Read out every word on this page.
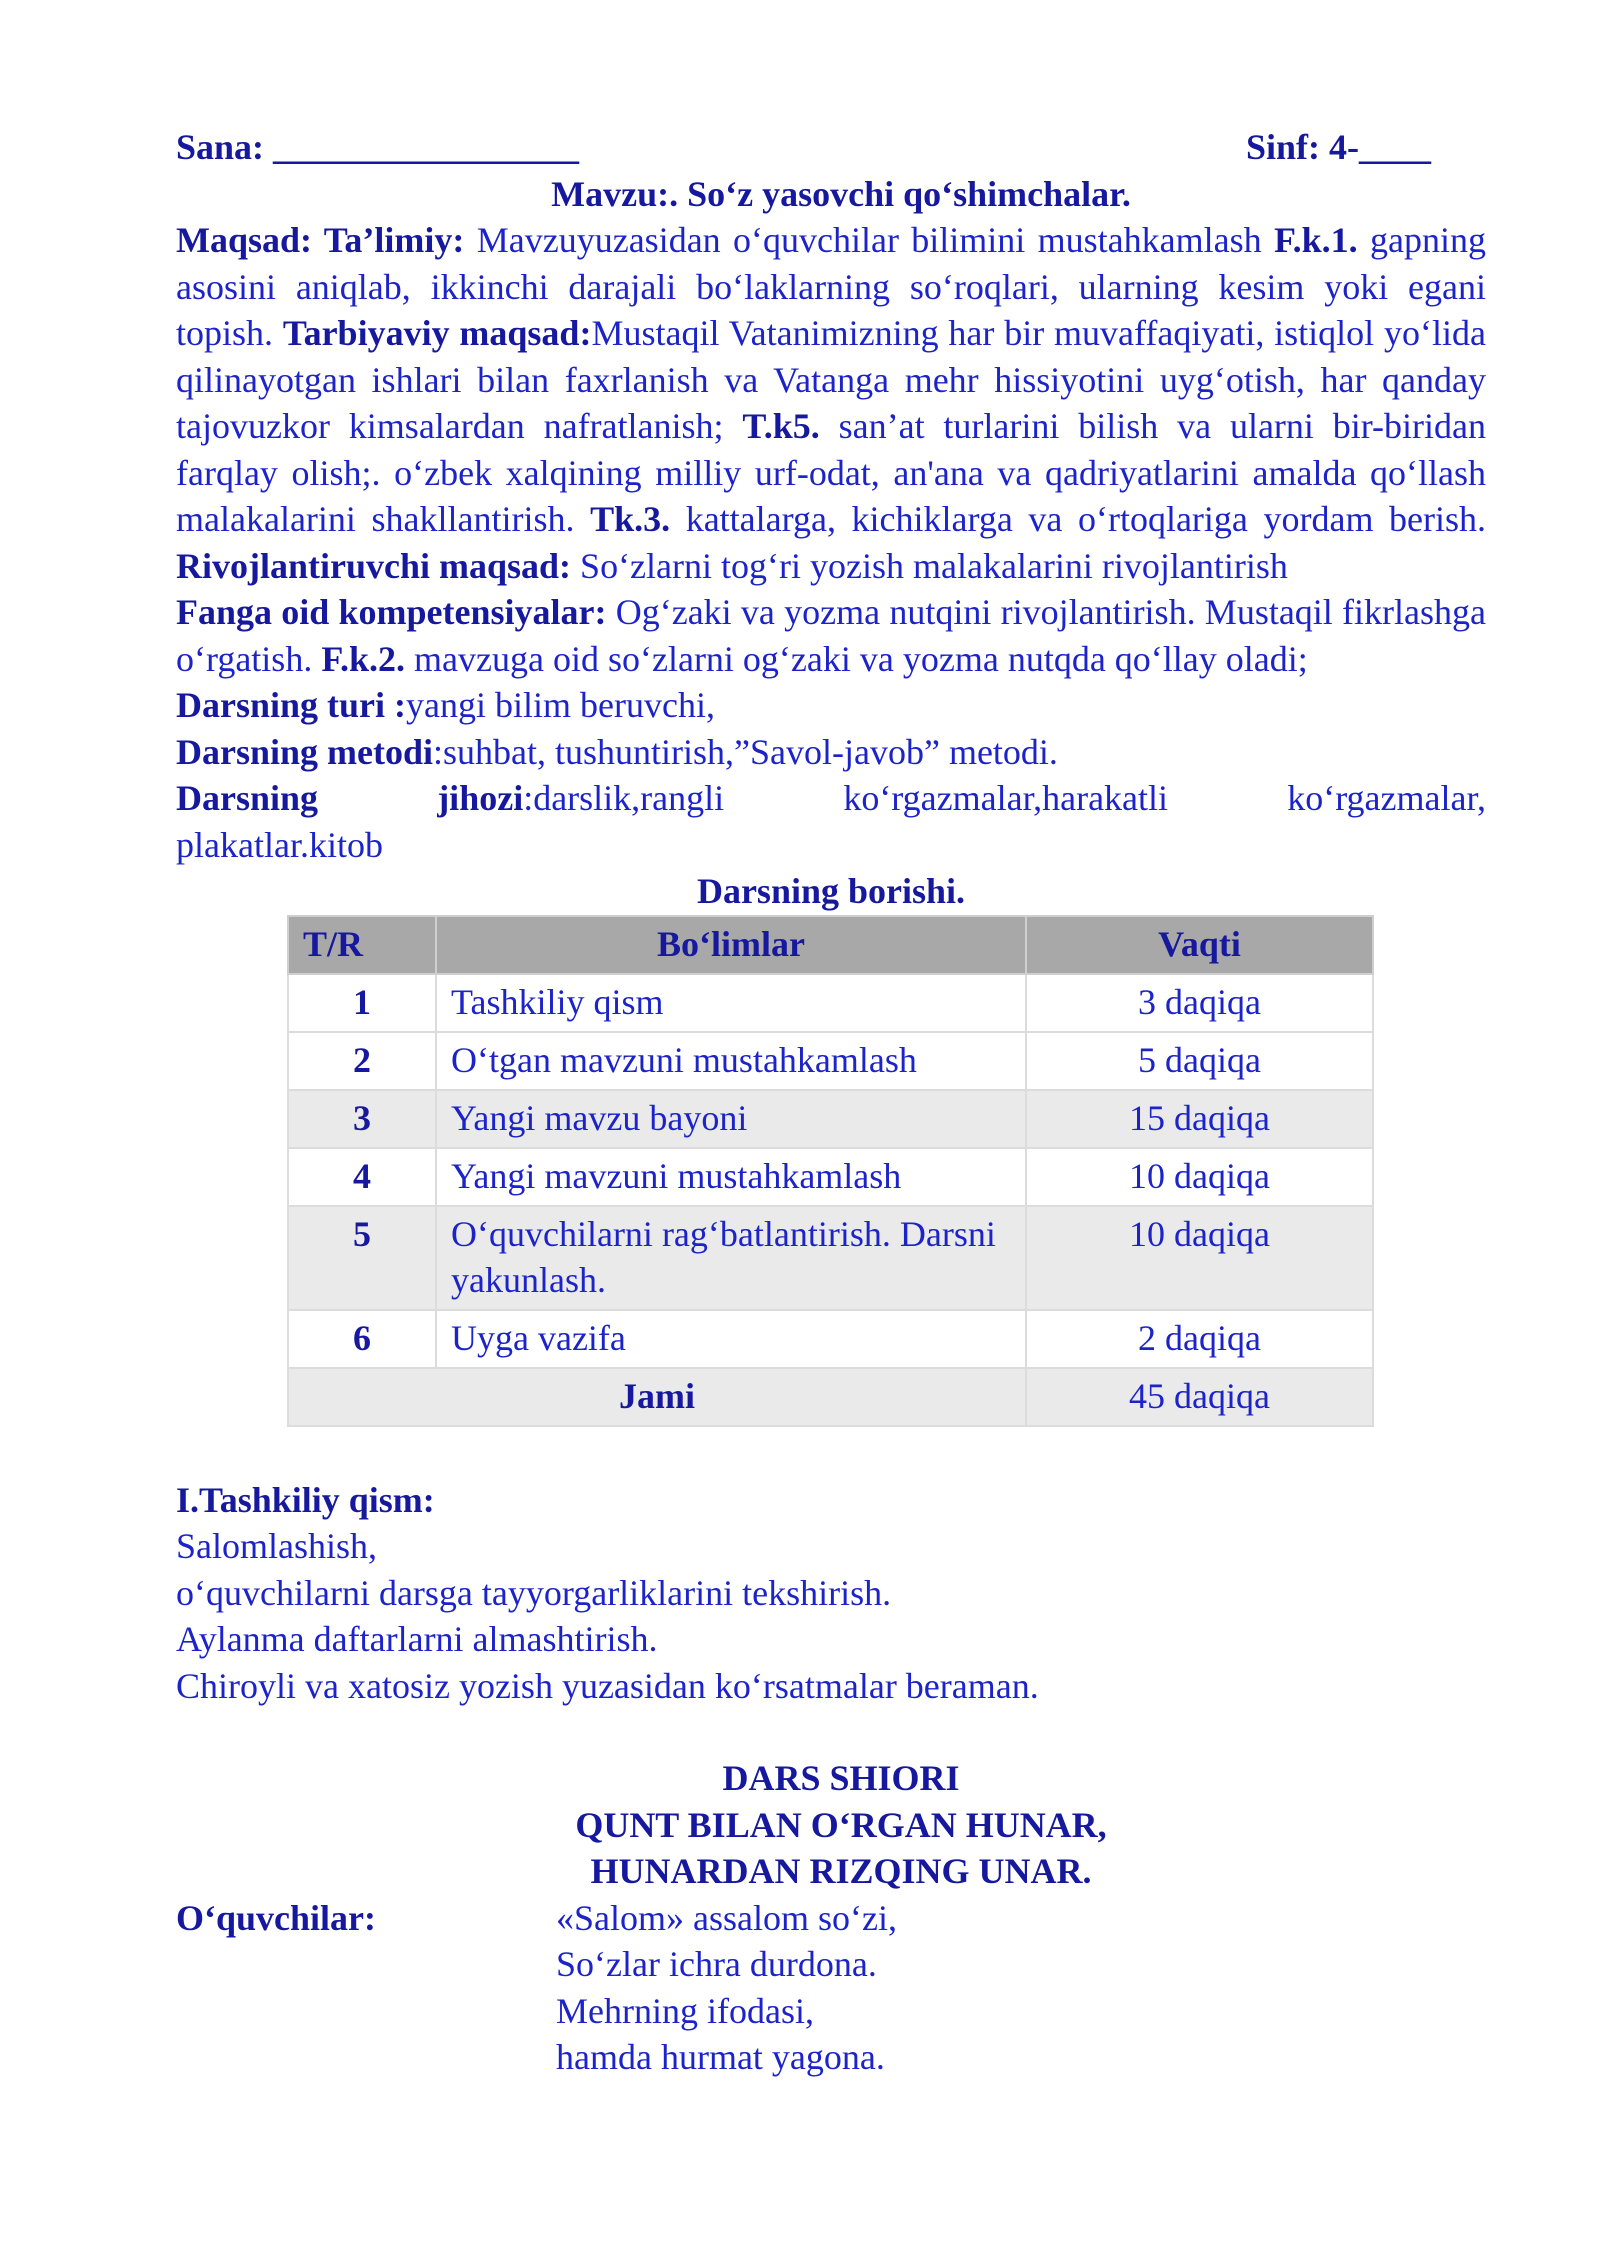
Sana: _________________	Sinf: 4-____
Mavzu:. So‘z yasovchi qo‘shimchalar.
Maqsad: Ta’limiy: Mavzuyuzasidan o‘quvchilar bilimini mustahkamlash F.k.1. gapning asosini aniqlab, ikkinchi darajali bo‘laklarning so‘roqlari, ularning kesim yoki egani topish. Tarbiyaviy maqsad:Mustaqil Vatanimizning har bir muvaffaqiyati, istiqlol yo‘lida qilinayotgan ishlari bilan faxrlanish va Vatanga mehr hissiyotini uyg‘otish, har qanday tajovuzkor kimsalardan nafratlanish; T.k5. san’at turlarini bilish va ularni bir-biridan farqlay olish;. o‘zbek xalqining milliy urf-odat, an'ana va qadriyatlarini amalda qo‘llash malakalarini shakllantirish. Tk.3. kattalarga, kichiklarga va o‘rtoqlariga yordam berish. Rivojlantiruvchi maqsad: So‘zlarni tog‘ri yozish malakalarini rivojlantirish
Fanga oid kompetensiyalar: Og‘zaki va yozma nutqini rivojlantirish. Mustaqil fikrlashga o‘rgatish. F.k.2. mavzuga oid so‘zlarni og‘zaki va yozma nutqda qo‘llay oladi;
Darsning turi :yangi bilim beruvchi,
Darsning metodi:suhbat, tushuntirish,”Savol-javob” metodi.
Darsning jihozi:darslik,rangli ko‘rgazmalar,harakatli ko‘rgazmalar, plakatlar.kitob
Darsning borishi.
T/R	Bo‘limlar	Vaqti
1	Tashkiliy qism	3 daqiqa
2	O‘tgan mavzuni mustahkamlash	5 daqiqa
3	Yangi mavzu bayoni	15 daqiqa
4	Yangi mavzuni mustahkamlash	10 daqiqa
5	O‘quvchilarni rag‘batlantirish. Darsni yakunlash.	10 daqiqa
6	Uyga vazifa	2 daqiqa
Jami		45 daqiqa
I.Tashkiliy qism:
Salomlashish,
o‘quvchilarni darsga tayyorgarliklarini tekshirish.
Aylanma daftarlarni almashtirish.
Chiroyli va xatosiz yozish yuzasidan ko‘rsatmalar beraman.
DARS SHIORI
QUNT BILAN O‘RGAN HUNAR,
HUNARDAN RIZQING UNAR.
O‘quvchilar:	«Salom» assalom so‘zi,
So‘zlar ichra durdona.
Mehrning ifodasi,
hamda hurmat yagona.
